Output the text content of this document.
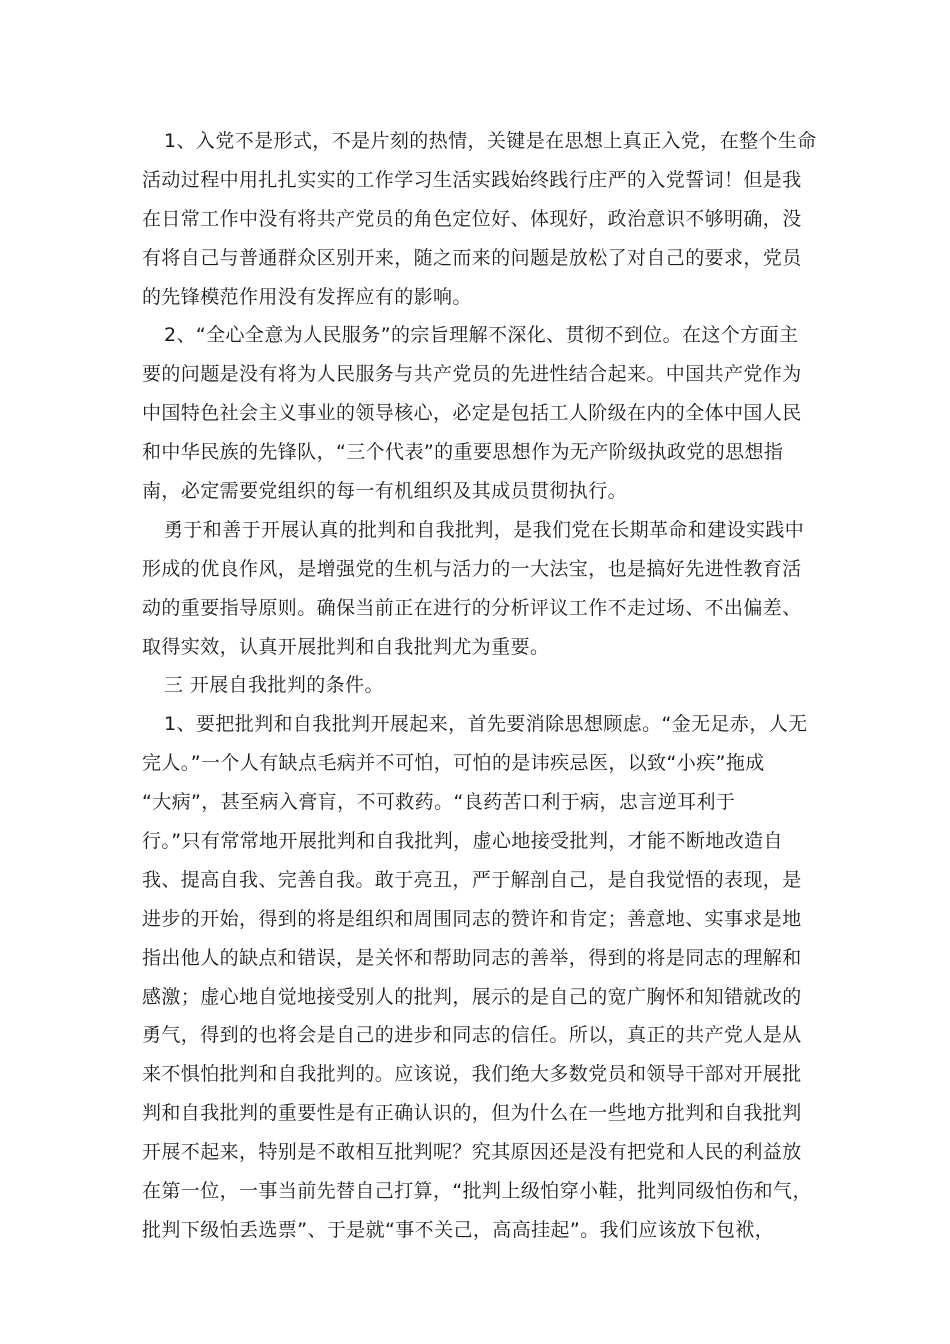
1、入党不是形式，不是片刻的热情，关键是在思想上真正入党，在整个生命
活动过程中用扎扎实实的工作学习生活实践始终践行庄严的入党誓词！但是我
在日常工作中没有将共产党员的角色定位好、体现好，政治意识不够明确，没
有将自己与普通群众区别开来，随之而来的问题是放松了对自己的要求，党员
的先锋模范作用没有发挥应有的影响。
2、“全心全意为人民服务”的宗旨理解不深化、贯彻不到位。在这个方面主
要的问题是没有将为人民服务与共产党员的先进性结合起来。中国共产党作为
中国特色社会主义事业的领导核心，必定是包括工人阶级在内的全体中国人民
和中华民族的先锋队，“三个代表”的重要思想作为无产阶级执政党的思想指
南，必定需要党组织的每一有机组织及其成员贯彻执行。
勇于和善于开展认真的批判和自我批判，是我们党在长期革命和建设实践中
形成的优良作风，是增强党的生机与活力的一大法宝，也是搞好先进性教育活
动的重要指导原则。确保当前正在进行的分析评议工作不走过场、不出偏差、
取得实效，认真开展批判和自我批判尤为重要。
三 开展自我批判的条件。
1、要把批判和自我批判开展起来，首先要消除思想顾虑。“金无足赤，人无
完人。”一个人有缺点毛病并不可怕，可怕的是讳疾忌医，以致“小疾”拖成
“大病”，甚至病入膏肓，不可救药。“良药苦口利于病，忠言逆耳利于
行。”只有常常地开展批判和自我批判，虚心地接受批判，才能不断地改造自
我、提高自我、完善自我。敢于亮丑，严于解剖自己，是自我觉悟的表现，是
进步的开始，得到的将是组织和周围同志的赞许和肯定；善意地、实事求是地
指出他人的缺点和错误，是关怀和帮助同志的善举，得到的将是同志的理解和
感激；虚心地自觉地接受别人的批判，展示的是自己的宽广胸怀和知错就改的
勇气，得到的也将会是自己的进步和同志的信任。所以，真正的共产党人是从
来不惧怕批判和自我批判的。应该说，我们绝大多数党员和领导干部对开展批
判和自我批判的重要性是有正确认识的，但为什么在一些地方批判和自我批判
开展不起来，特别是不敢相互批判呢？究其原因还是没有把党和人民的利益放
在第一位，一事当前先替自己打算，“批判上级怕穿小鞋，批判同级怕伤和气，
批判下级怕丢选票”、于是就“事不关己，高高挂起”。我们应该放下包袱，
